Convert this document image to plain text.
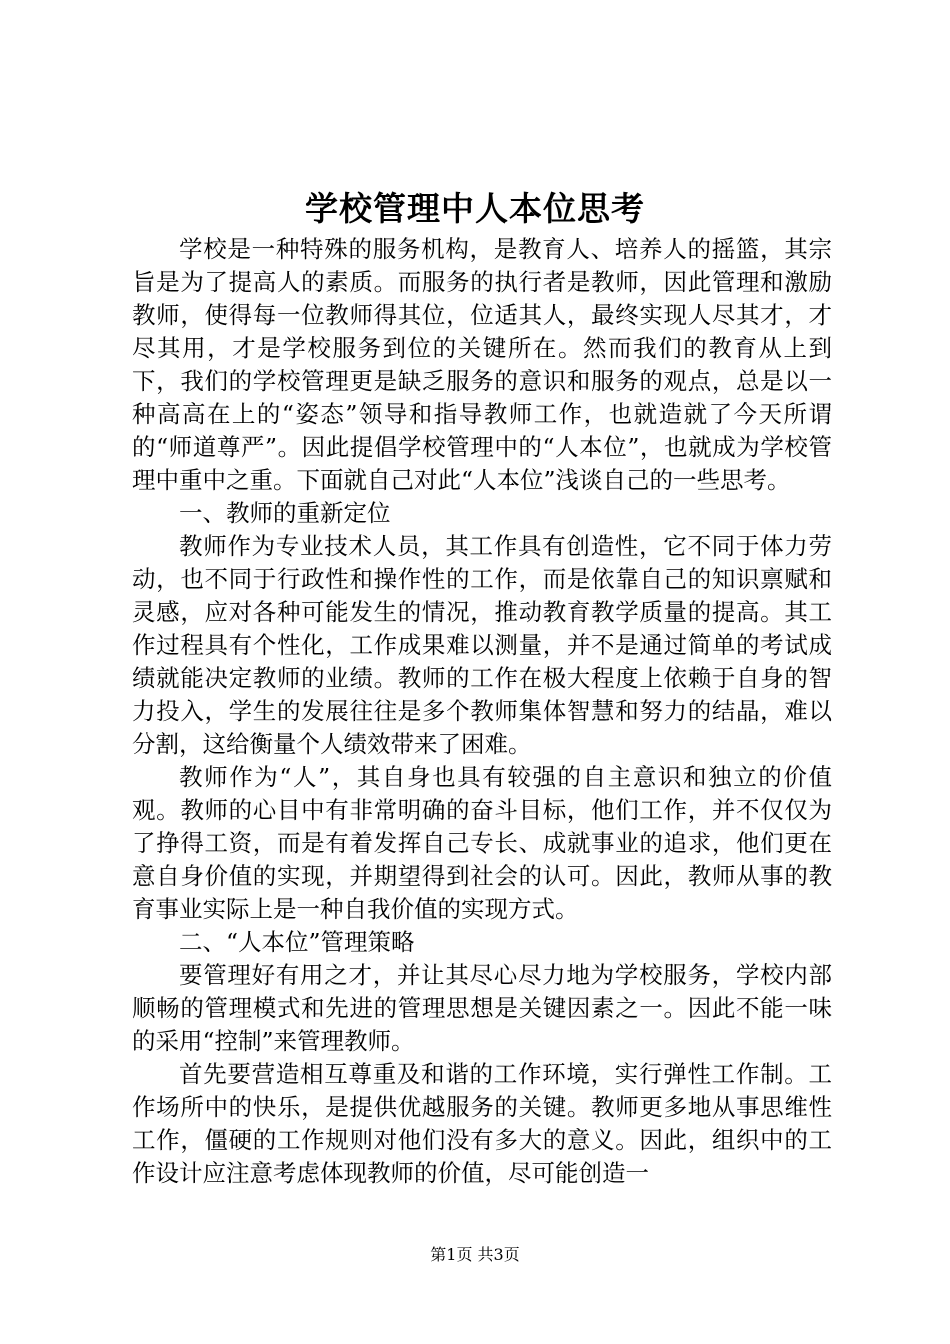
学校管理中人本位思考

学校是一种特殊的服务机构，是教育人、培养人的摇篮，其宗旨是为了提高人的素质。而服务的执行者是教师，因此管理和激励教师，使得每一位教师得其位，位适其人，最终实现人尽其才，才尽其用，才是学校服务到位的关键所在。然而我们的教育从上到下，我们的学校管理更是缺乏服务的意识和服务的观点，总是以一种高高在上的“姿态”领导和指导教师工作，也就造就了今天所谓的“师道尊严”。因此提倡学校管理中的“人本位”，也就成为学校管理中重中之重。下面就自己对此“人本位”浅谈自己的一些思考。

一、教师的重新定位

教师作为专业技术人员，其工作具有创造性，它不同于体力劳动，也不同于行政性和操作性的工作，而是依靠自己的知识禀赋和灵感，应对各种可能发生的情况，推动教育教学质量的提高。其工作过程具有个性化，工作成果难以测量，并不是通过简单的考试成绩就能决定教师的业绩。教师的工作在极大程度上依赖于自身的智力投入，学生的发展往往是多个教师集体智慧和努力的结晶，难以分割，这给衡量个人绩效带来了困难。

教师作为“人”，其自身也具有较强的自主意识和独立的价值观。教师的心目中有非常明确的奋斗目标，他们工作，并不仅仅为了挣得工资，而是有着发挥自己专长、成就事业的追求，他们更在意自身价值的实现，并期望得到社会的认可。因此，教师从事的教育事业实际上是一种自我价值的实现方式。

二、“人本位”管理策略

要管理好有用之才，并让其尽心尽力地为学校服务，学校内部顺畅的管理模式和先进的管理思想是关键因素之一。因此不能一味的采用“控制”来管理教师。

首先要营造相互尊重及和谐的工作环境，实行弹性工作制。工作场所中的快乐，是提供优越服务的关键。教师更多地从事思维性工作，僵硬的工作规则对他们没有多大的意义。因此，组织中的工作设计应注意考虑体现教师的价值，尽可能创造一

第1页 共3页
